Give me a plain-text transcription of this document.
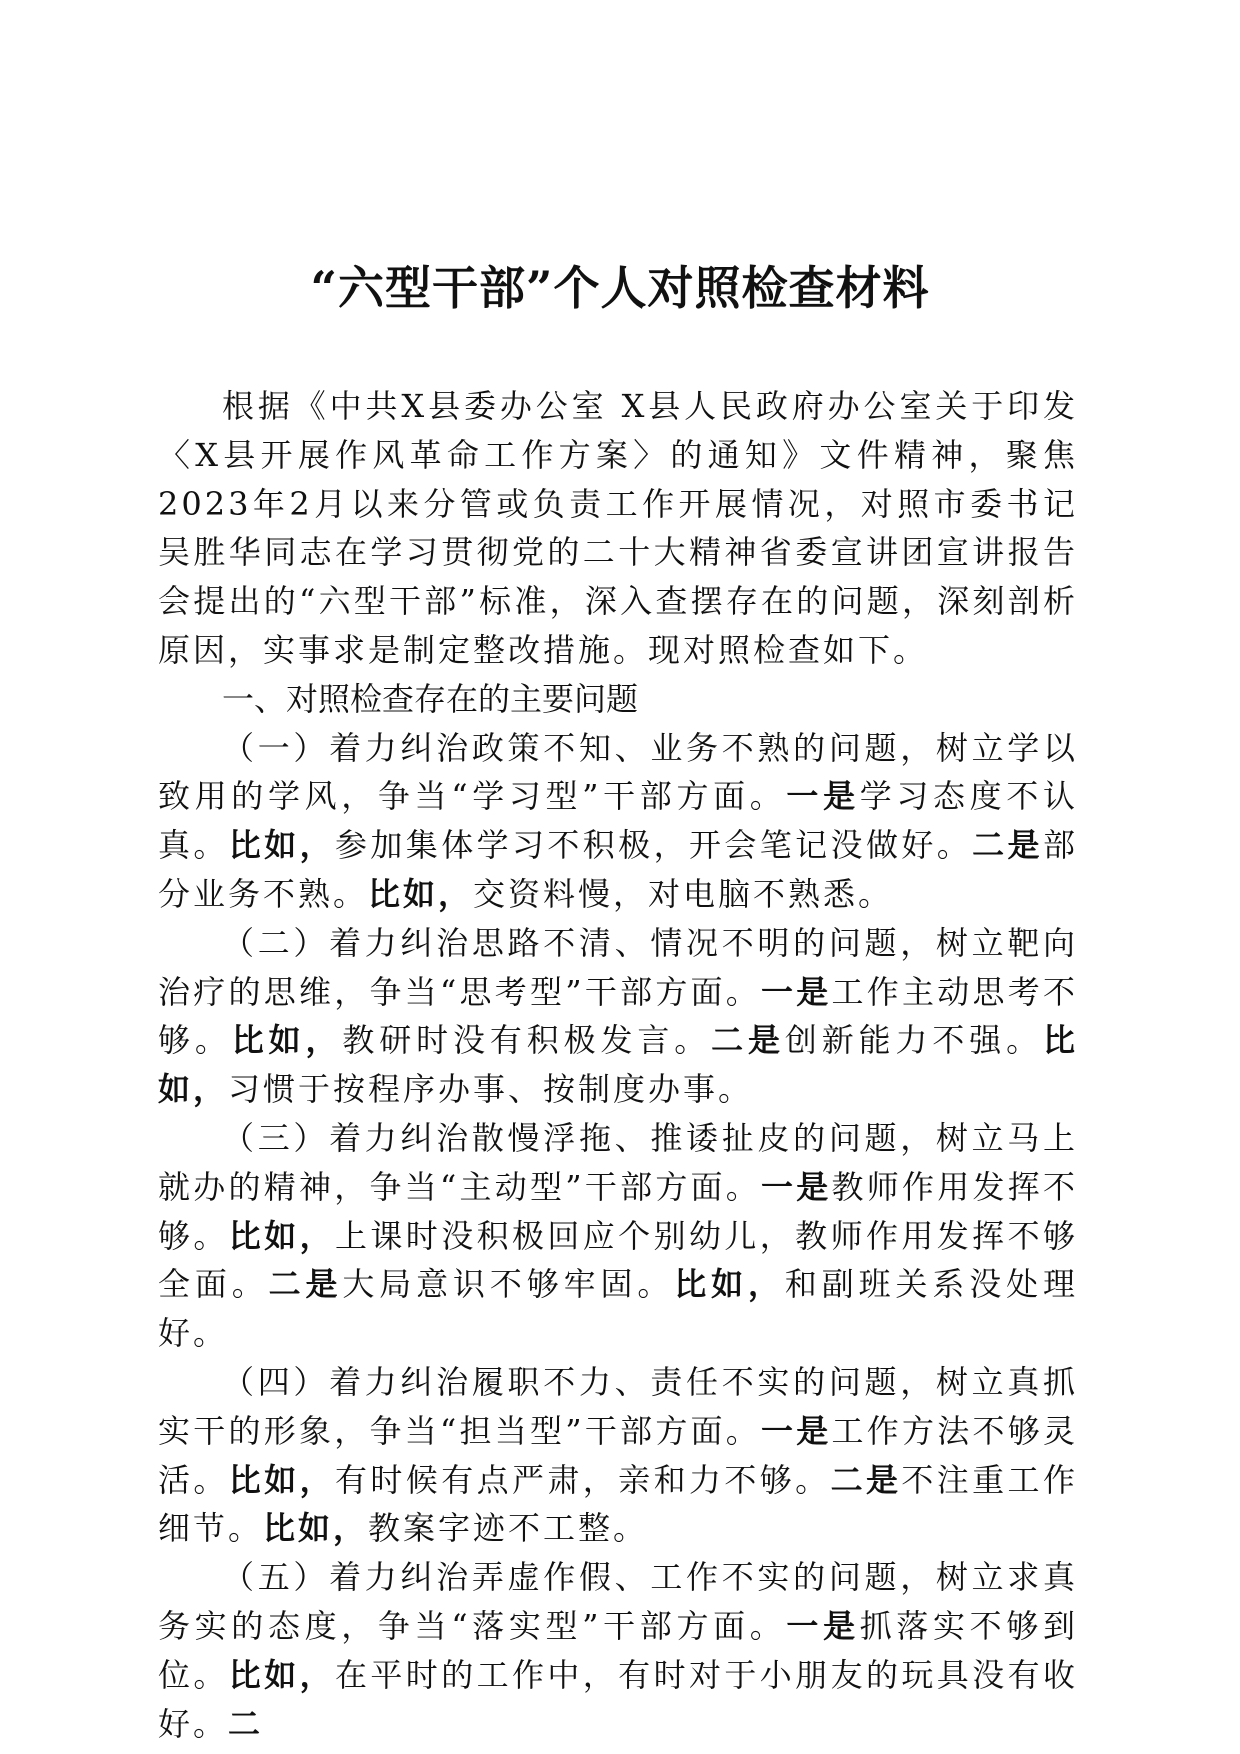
“六型干部”个人对照检查材料

根据《中共X县委办公室 X县人民政府办公室关于印发〈X县开展作风革命工作方案〉的通知》文件精神，聚焦2023年2月以来分管或负责工作开展情况，对照市委书记吴胜华同志在学习贯彻党的二十大精神省委宣讲团宣讲报告会提出的“六型干部”标准，深入查摆存在的问题，深刻剖析原因，实事求是制定整改措施。现对照检查如下。

一、对照检查存在的主要问题

（一）着力纠治政策不知、业务不熟的问题，树立学以致用的学风，争当“学习型”干部方面。一是学习态度不认真。比如，参加集体学习不积极，开会笔记没做好。二是部分业务不熟。比如，交资料慢，对电脑不熟悉。

（二）着力纠治思路不清、情况不明的问题，树立靶向治疗的思维，争当“思考型”干部方面。一是工作主动思考不够。比如，教研时没有积极发言。二是创新能力不强。比如，习惯于按程序办事、按制度办事。

（三）着力纠治散慢浮拖、推诿扯皮的问题，树立马上就办的精神，争当“主动型”干部方面。一是教师作用发挥不够。比如，上课时没积极回应个别幼儿，教师作用发挥不够全面。二是大局意识不够牢固。比如，和副班关系没处理好。

（四）着力纠治履职不力、责任不实的问题，树立真抓实干的形象，争当“担当型”干部方面。一是工作方法不够灵活。比如，有时候有点严肃，亲和力不够。二是不注重工作细节。比如，教案字迹不工整。

（五）着力纠治弄虚作假、工作不实的问题，树立求真务实的态度，争当“落实型”干部方面。一是抓落实不够到位。比如，在平时的工作中，有时对于小朋友的玩具没有收好。二
